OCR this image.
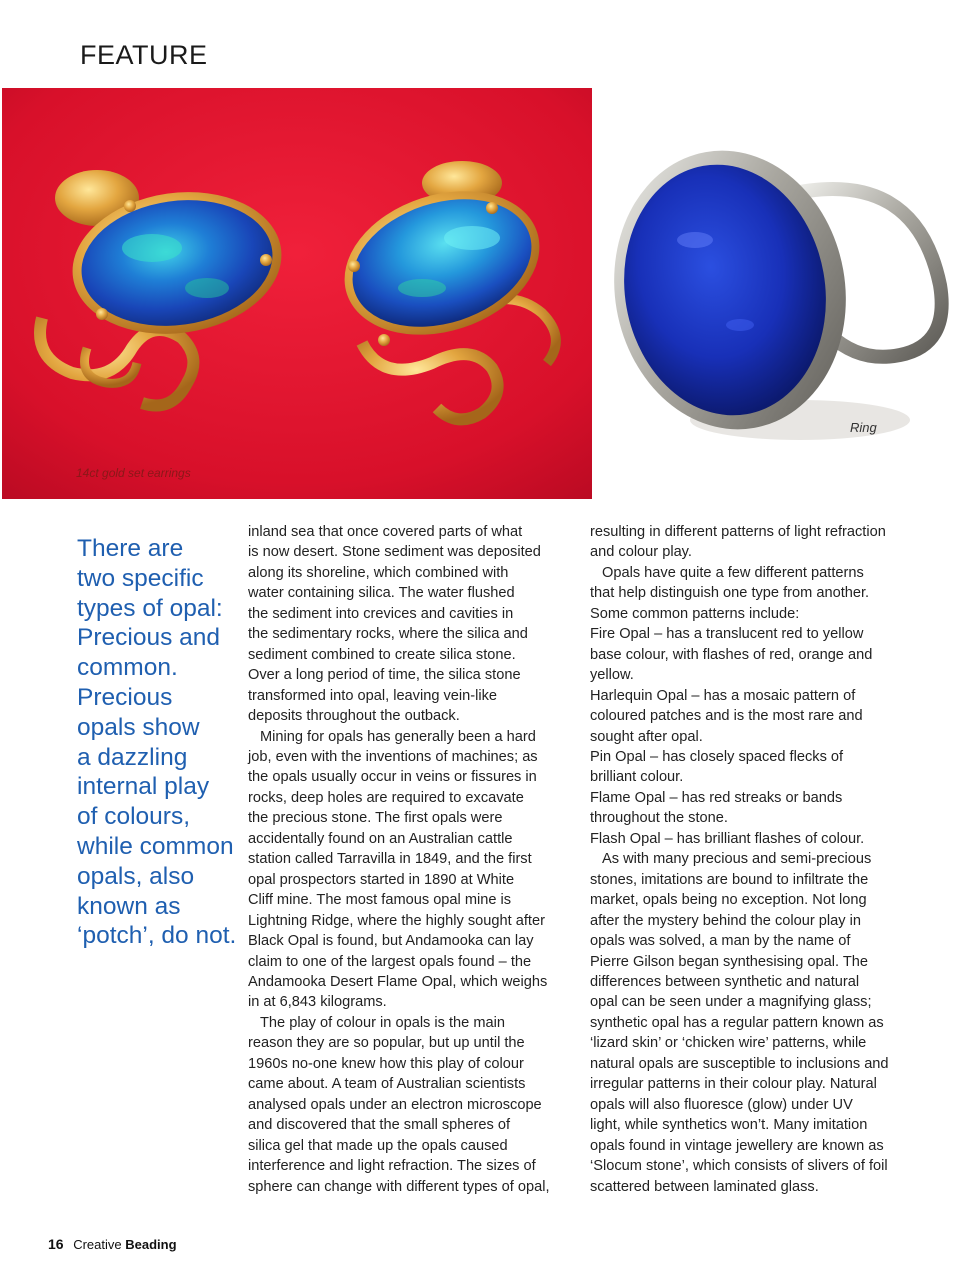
FEATURE
14ct gold set earrings
Ring
There are
two specific
types of opal:
Precious and
common.
Precious
opals show
a dazzling
internal play
of colours,
while common
opals, also
known as
‘potch’, do not.
inland sea that once covered parts of what
is now desert. Stone sediment was deposited
along its shoreline, which combined with
water containing silica. The water flushed
the sediment into crevices and cavities in
the sedimentary rocks, where the silica and
sediment combined to create silica stone.
Over a long period of time, the silica stone
transformed into opal, leaving vein-like
deposits throughout the outback.
Mining for opals has generally been a hard
job, even with the inventions of machines; as
the opals usually occur in veins or fissures in
rocks, deep holes are required to excavate
the precious stone. The first opals were
accidentally found on an Australian cattle
station called Tarravilla in 1849, and the first
opal prospectors started in 1890 at White
Cliff mine. The most famous opal mine is
Lightning Ridge, where the highly sought after
Black Opal is found, but Andamooka can lay
claim to one of the largest opals found – the
Andamooka Desert Flame Opal, which weighs
in at 6,843 kilograms.
The play of colour in opals is the main
reason they are so popular, but up until the
1960s no-one knew how this play of colour
came about. A team of Australian scientists
analysed opals under an electron microscope
and discovered that the small spheres of
silica gel that made up the opals caused
interference and light refraction. The sizes of
sphere can change with different types of opal,
resulting in different patterns of light refraction
and colour play.
Opals have quite a few different patterns
that help distinguish one type from another.
Some common patterns include:
Fire Opal – has a translucent red to yellow
base colour, with flashes of red, orange and
yellow.
Harlequin Opal – has a mosaic pattern of
coloured patches and is the most rare and
sought after opal.
Pin Opal – has closely spaced flecks of
brilliant colour.
Flame Opal – has red streaks or bands
throughout the stone.
Flash Opal – has brilliant flashes of colour.
As with many precious and semi-precious
stones, imitations are bound to infiltrate the
market, opals being no exception. Not long
after the mystery behind the colour play in
opals was solved, a man by the name of
Pierre Gilson began synthesising opal. The
differences between synthetic and natural
opal can be seen under a magnifying glass;
synthetic opal has a regular pattern known as
‘lizard skin’ or ‘chicken wire’ patterns, while
natural opals are susceptible to inclusions and
irregular patterns in their colour play. Natural
opals will also fluoresce (glow) under UV
light, while synthetics won’t. Many imitation
opals found in vintage jewellery are known as
‘Slocum stone’, which consists of slivers of foil
scattered between laminated glass.
16 Creative Beading
